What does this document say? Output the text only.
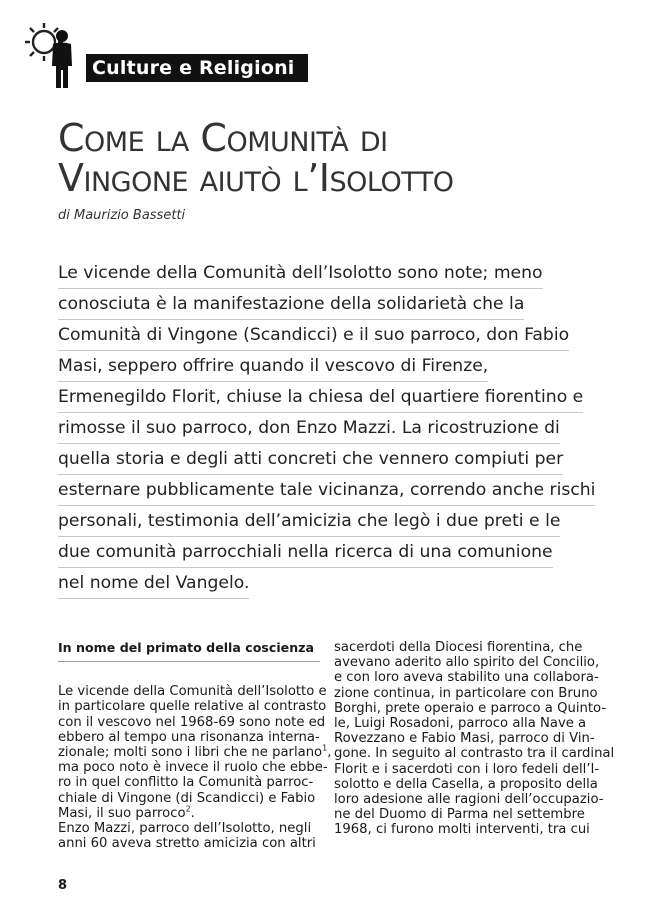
Culture e Religioni
Come la Comunità di
Vingone aiutò l’Isolotto
di Maurizio Bassetti
Le vicende della Comunità dell’Isolotto sono note; meno
conosciuta è la manifestazione della solidarietà che la
Comunità di Vingone (Scandicci) e il suo parroco, don Fabio
Masi, seppero offrire quando il vescovo di Firenze,
Ermenegildo Florit, chiuse la chiesa del quartiere fiorentino e
rimosse il suo parroco, don Enzo Mazzi. La ricostruzione di
quella storia e degli atti concreti che vennero compiuti per
esternare pubblicamente tale vicinanza, correndo anche rischi
personali, testimonia dell’amicizia che legò i due preti e le
due comunità parrocchiali nella ricerca di una comunione
nel nome del Vangelo.
In nome del primato della coscienza
Le vicende della Comunità dell’Isolotto e
in particolare quelle relative al contrasto
con il vescovo nel 1968-69 sono note ed
ebbero al tempo una risonanza interna-
zionale; molti sono i libri che ne parlano$^1$,
ma poco noto è invece il ruolo che ebbe-
ro in quel conflitto la Comunità parroc-
chiale di Vingone (di Scandicci) e Fabio
Masi, il suo parroco$^2$.
Enzo Mazzi, parroco dell’Isolotto, negli
anni 60 aveva stretto amicizia con altri
sacerdoti della Diocesi fiorentina, che
avevano aderito allo spirito del Concilio,
e con loro aveva stabilito una collabora-
zione continua, in particolare con Bruno
Borghi, prete operaio e parroco a Quinto-
le, Luigi Rosadoni, parroco alla Nave a
Rovezzano e Fabio Masi, parroco di Vin-
gone. In seguito al contrasto tra il cardinal
Florit e i sacerdoti con i loro fedeli dell’I-
solotto e della Casella, a proposito della
loro adesione alle ragioni dell’occupazio-
ne del Duomo di Parma nel settembre
1968, ci furono molti interventi, tra cui
8
